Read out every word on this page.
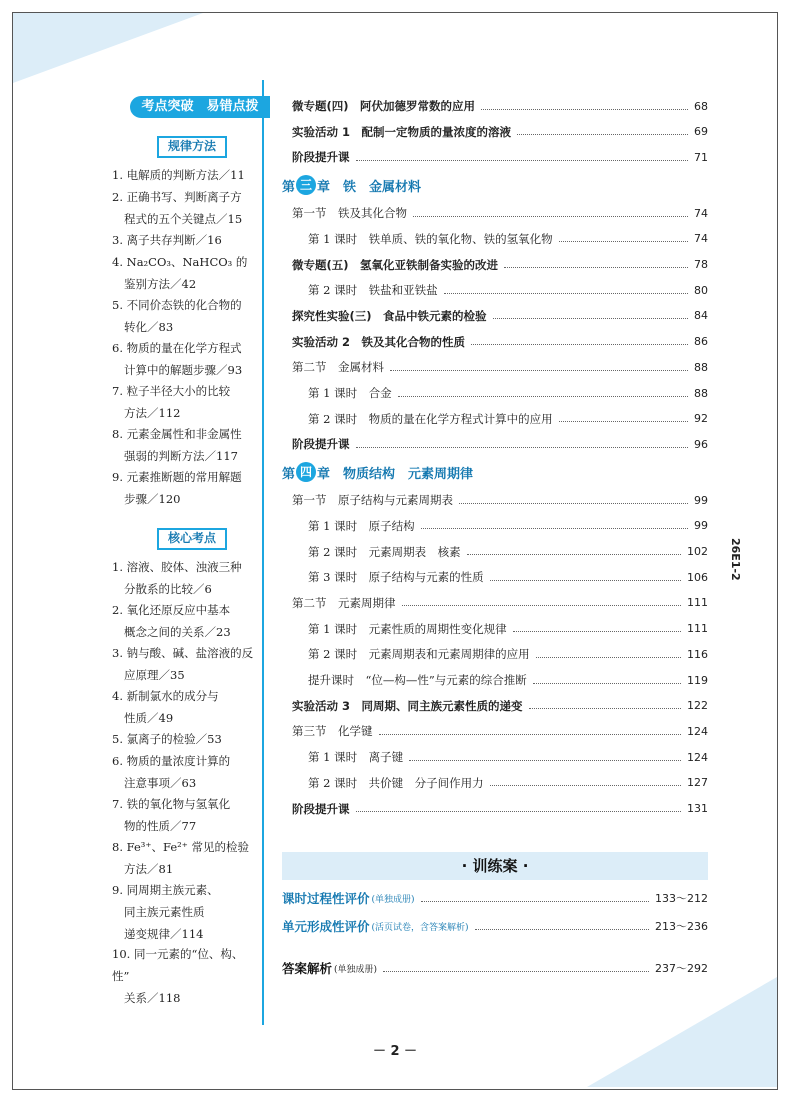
考点突破　易错点拨
规律方法
1. 电解质的判断方法／11
2. 正确书写、判断离子方
程式的五个关键点／15
3. 离子共存判断／16
4. Na₂CO₃、NaHCO₃ 的
鉴别方法／42
5. 不同价态铁的化合物的
转化／83
6. 物质的量在化学方程式
计算中的解题步骤／93
7. 粒子半径大小的比较
方法／112
8. 元素金属性和非金属性
强弱的判断方法／117
9. 元素推断题的常用解题
步骤／120
核心考点
1. 溶液、胶体、浊液三种
分散系的比较／6
2. 氧化还原反应中基本
概念之间的关系／23
3. 钠与酸、碱、盐溶液的反
应原理／35
4. 新制氯水的成分与
性质／49
5. 氯离子的检验／53
6. 物质的量浓度计算的
注意事项／63
7. 铁的氧化物与氢氧化
物的性质／77
8. Fe³⁺、Fe²⁺ 常见的检验
方法／81
9. 同周期主族元素、
同主族元素性质
递变规律／114
10. 同一元素的“位、构、性”
关系／118
微专题(四)　阿伏加德罗常数的应用	68
实验活动 1　配制一定物质的量浓度的溶液	69
阶段提升课	71
第 三 章　铁　金属材料
第一节　铁及其化合物	74
第 1 课时　铁单质、铁的氧化物、铁的氢氧化物	74
微专题(五)　氢氧化亚铁制备实验的改进	78
第 2 课时　铁盐和亚铁盐	80
探究性实验(三)　食品中铁元素的检验	84
实验活动 2　铁及其化合物的性质	86
第二节　金属材料	88
第 1 课时　合金	88
第 2 课时　物质的量在化学方程式计算中的应用	92
阶段提升课	96
第 四 章　物质结构　元素周期律
第一节　原子结构与元素周期表	99
第 1 课时　原子结构	99
第 2 课时　元素周期表　核素	102
第 3 课时　原子结构与元素的性质	106
第二节　元素周期律	111
第 1 课时　元素性质的周期性变化规律	111
第 2 课时　元素周期表和元素周期律的应用	116
提升课时　“位—构—性”与元素的综合推断	119
实验活动 3　同周期、同主族元素性质的递变	122
第三节　化学键	124
第 1 课时　离子键	124
第 2 课时　共价键　分子间作用力	127
阶段提升课	131
· 训练案 ·
课时过程性评价 (单独成册)	133～212
单元形成性评价 (活页试卷，含答案解析)	213～236
答案解析 (单独成册)	237～292
26E1-2
－ 2 －
